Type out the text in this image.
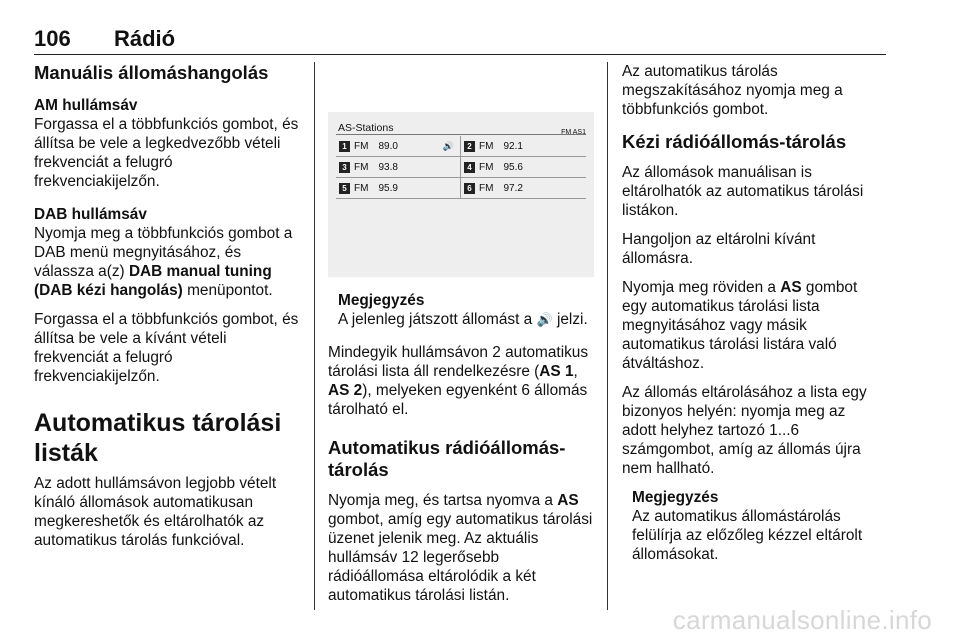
106 Rádió
Manuális állomáshangolás
AM hullámsáv

Forgassa el a többfunkciós gombot, és állítsa be vele a legkedvezőbb vételi frekvenciát a felugró frekvenciakijelzőn.

DAB hullámsáv

Nyomja meg a többfunkciós gombot a DAB menü megnyitásához, és válassza a(z) DAB manual tuning (DAB kézi hangolás) menüpontot.

Forgassa el a többfunkciós gombot, és állítsa be vele a kívánt vételi frekvenciát a felugró frekvenciakijelzőn.

Automatikus tárolási listák

Az adott hullámsávon legjobb vételt kínáló állomások automatikusan megkereshetők és eltárolhatók az automatikus tárolás funkcióval.

AS-Stations	FM AS1
1 FM 89.0	🔊	2 FM 92.1
3 FM 93.8	4 FM 95.6
5 FM 95.9	6 FM 97.2
Megjegyzés
A jelenleg játszott állomást a 🔊 jelzi.

Mindegyik hullámsávon 2 automatikus tárolási lista áll rendelkezésre (AS 1, AS 2), melyeken egyenként 6 állomás tárolható el.

Automatikus rádióállomás-tárolás

Nyomja meg, és tartsa nyomva a AS gombot, amíg egy automatikus tárolási üzenet jelenik meg. Az aktuális hullámsáv 12 legerősebb rádióállomása eltárolódik a két automatikus tárolási listán.

Az automatikus tárolás megszakításához nyomja meg a többfunkciós gombot.

Kézi rádióállomás-tárolás

Az állomások manuálisan is eltárolhatók az automatikus tárolási listákon.

Hangoljon az eltárolni kívánt állomásra.

Nyomja meg röviden a AS gombot egy automatikus tárolási lista megnyitásához vagy másik automatikus tárolási listára való átváltáshoz.

Az állomás eltárolásához a lista egy bizonyos helyén: nyomja meg az adott helyhez tartozó 1...6 számgombot, amíg az állomás újra nem hallható.

Megjegyzés
Az automatikus állomástárolás felülírja az előzőleg kézzel eltárolt állomásokat.
carmanualsonline.info
